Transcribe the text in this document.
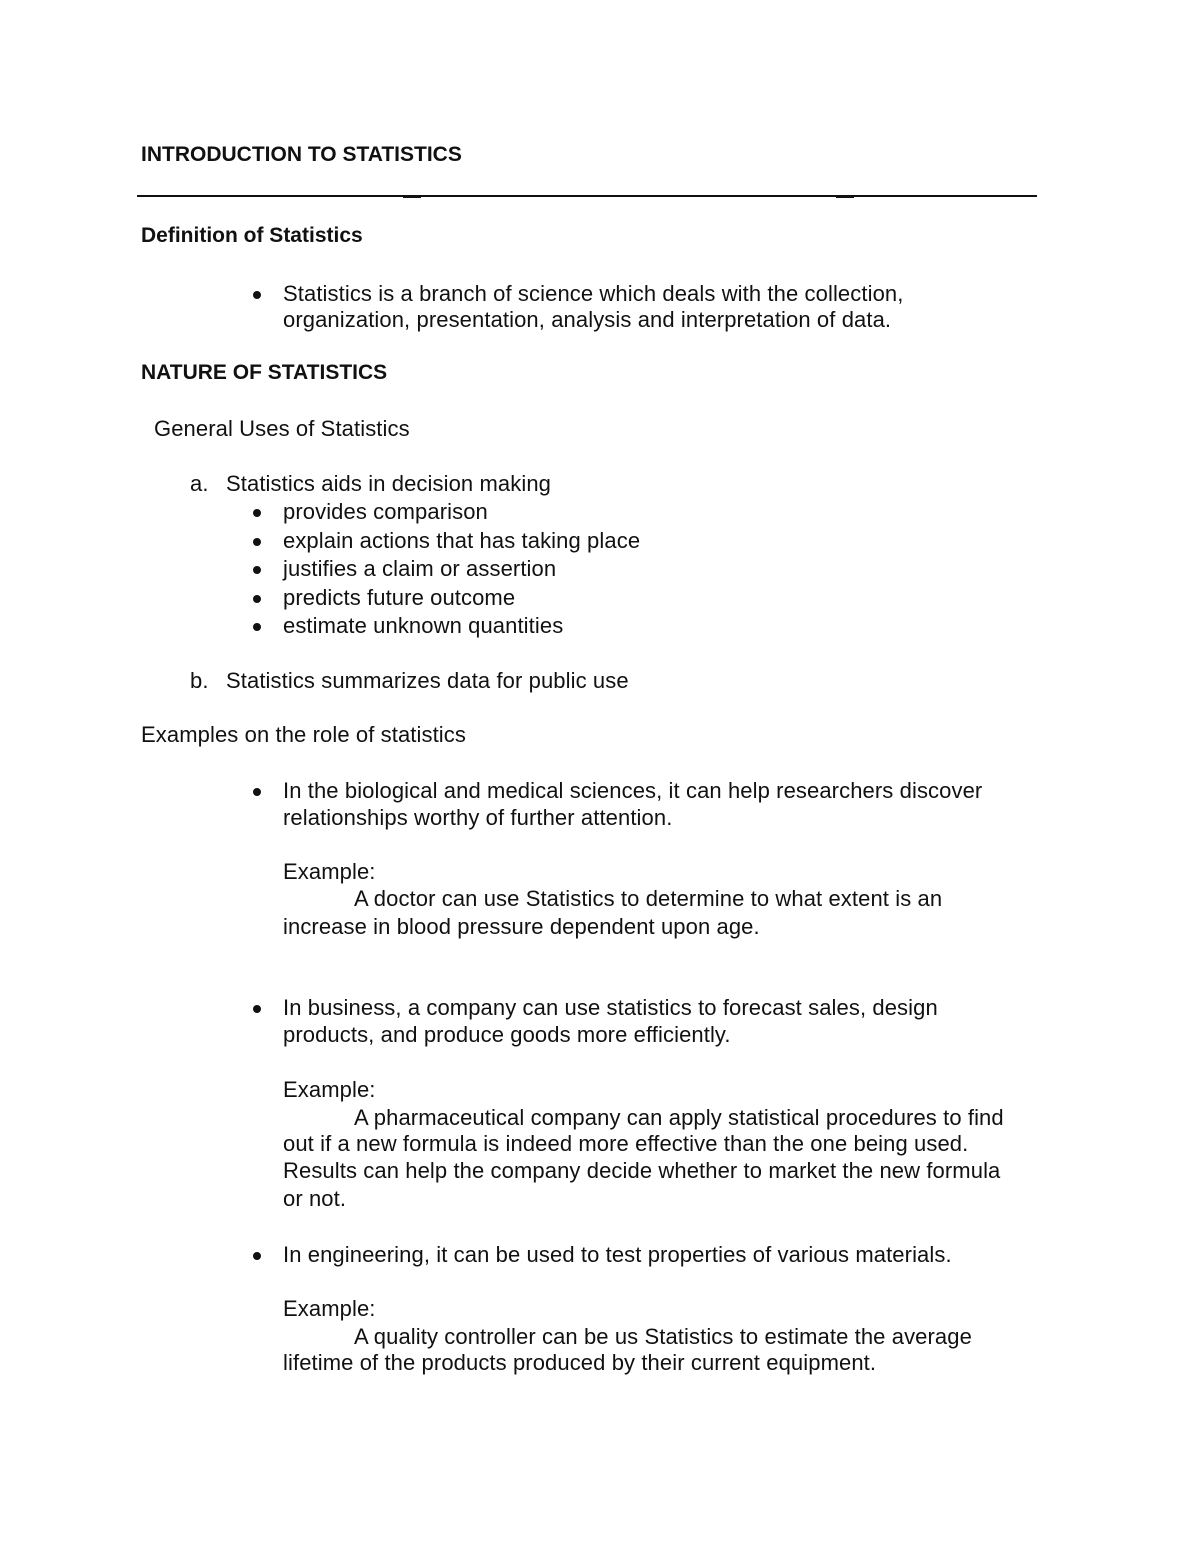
INTRODUCTION TO STATISTICS
Definition of Statistics
Statistics is a branch of science which deals with the collection,
organization, presentation, analysis and interpretation of data.
NATURE OF STATISTICS
General Uses of Statistics
a. Statistics aids in decision making
provides comparison
explain actions that has taking place
justifies a claim or assertion
predicts future outcome
estimate unknown quantities
b. Statistics summarizes data for public use
Examples on the role of statistics
In the biological and medical sciences, it can help researchers discover
relationships worthy of further attention.
Example:
A doctor can use Statistics to determine to what extent is an
increase in blood pressure dependent upon age.
In business, a company can use statistics to forecast sales, design
products, and produce goods more efficiently.
Example:
A pharmaceutical company can apply statistical procedures to find
out if a new formula is indeed more effective than the one being used.
Results can help the company decide whether to market the new formula
or not.
In engineering, it can be used to test properties of various materials.
Example:
A quality controller can be us Statistics to estimate the average
lifetime of the products produced by their current equipment.
